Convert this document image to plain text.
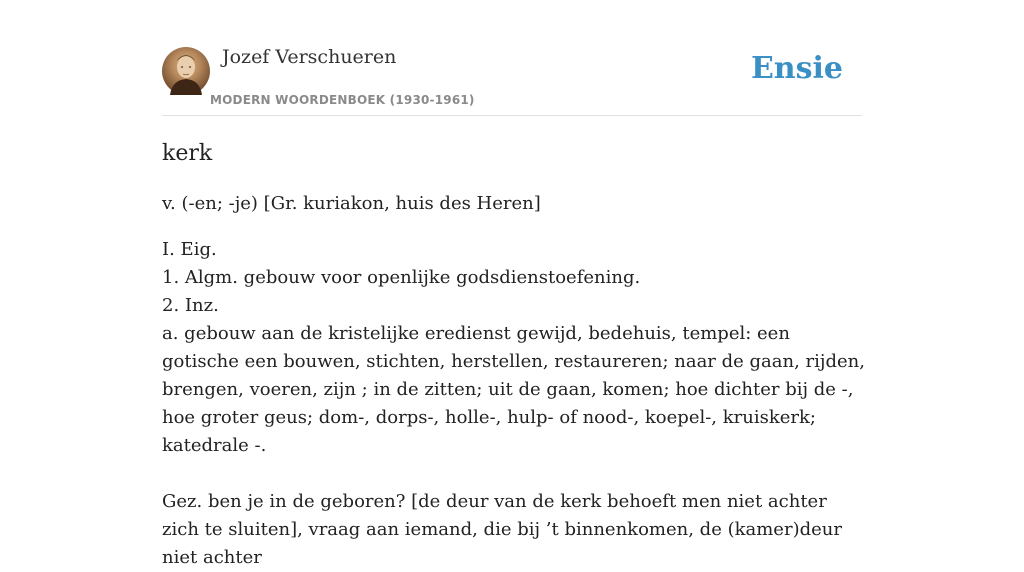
Jozef Verschueren
MODERN WOORDENBOEK (1930-1961)
Ensie
kerk

v. (-en; -je) [Gr. kuriakon, huis des Heren]

I. Eig.

1. Algm. gebouw voor openlijke godsdienstoefening.

2. Inz.

a. gebouw aan de kristelijke eredienst gewijd, bedehuis, tempel: een gotische een bouwen, stichten, herstellen, restaureren; naar de gaan, rijden, brengen, voeren, zijn ; in de zitten; uit de gaan, komen; hoe dichter bij de -, hoe groter geus; dom-, dorps-, holle-, hulp- of nood-, koepel-, kruiskerk; katedrale -.

Gez. ben je in de geboren? [de deur van de kerk behoeft men niet achter zich te sluiten], vraag aan iemand, die bij ’t binnenkomen, de (kamer)deur niet achter
